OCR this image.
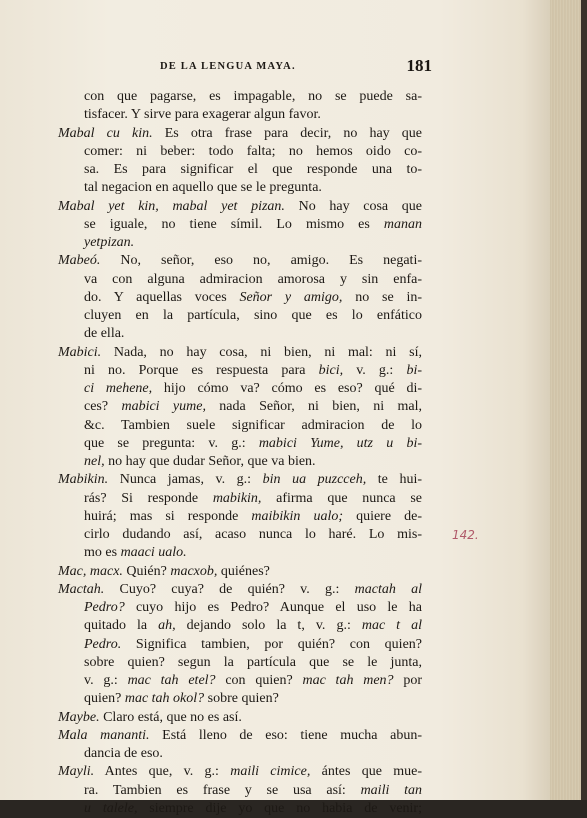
DE LA LENGUA MAYA.	181
con que pagarse, es impagable, no se puede sa-
tisfacer. Y sirve para exagerar algun favor.
Mabal cu kin. Es otra frase para decir, no hay que
comer: ni beber: todo falta; no hemos oido co-
sa. Es para significar el que responde una to-
tal negacion en aquello que se le pregunta.
Mabal yet kin, mabal yet pizan. No hay cosa que
se iguale, no tiene símil. Lo mismo es manan
yetpizan.
Mabeó. No, señor, eso no, amigo. Es negati-
va con alguna admiracion amorosa y sin enfa-
do. Y aquellas voces Señor y amigo, no se in-
cluyen en la partícula, sino que es lo enfático
de ella.
Mabici. Nada, no hay cosa, ni bien, ni mal: ni sí,
ni no. Porque es respuesta para bici, v. g.: bi-
ci mehene, hijo cómo va? cómo es eso? qué di-
ces? mabici yume, nada Señor, ni bien, ni mal,
&c. Tambien suele significar admiracion de lo
que se pregunta: v. g.: mabici Yume, utz u bi-
nel, no hay que dudar Señor, que va bien.
Mabikin. Nunca jamas, v. g.: bin ua puzcceh, te hui-
rás? Si responde mabikin, afirma que nunca se
huirá; mas si responde maibikin ualo; quiere de-
cirlo dudando así, acaso nunca lo haré. Lo mis-
mo es maaci ualo.
Mac, macx. Quién? macxob, quiénes?
Mactah. Cuyo? cuya? de quién? v. g.: mactah al
Pedro? cuyo hijo es Pedro? Aunque el uso le ha
quitado la ah, dejando solo la t, v. g.: mac t al
Pedro. Significa tambien, por quién? con quien?
sobre quien? segun la partícula que se le junta,
v. g.: mac tah etel? con quien? mac tah men? por
quien? mac tah okol? sobre quien?
Maybe. Claro está, que no es así.
Mala mananti. Está lleno de eso: tiene mucha abun-
dancia de eso.
Mayli. Antes que, v. g.: maili cimice, ántes que mue-
ra. Tambien es frase y se usa así: maili tan
u talele, siempre dije yo que no habia de venir;
142.
